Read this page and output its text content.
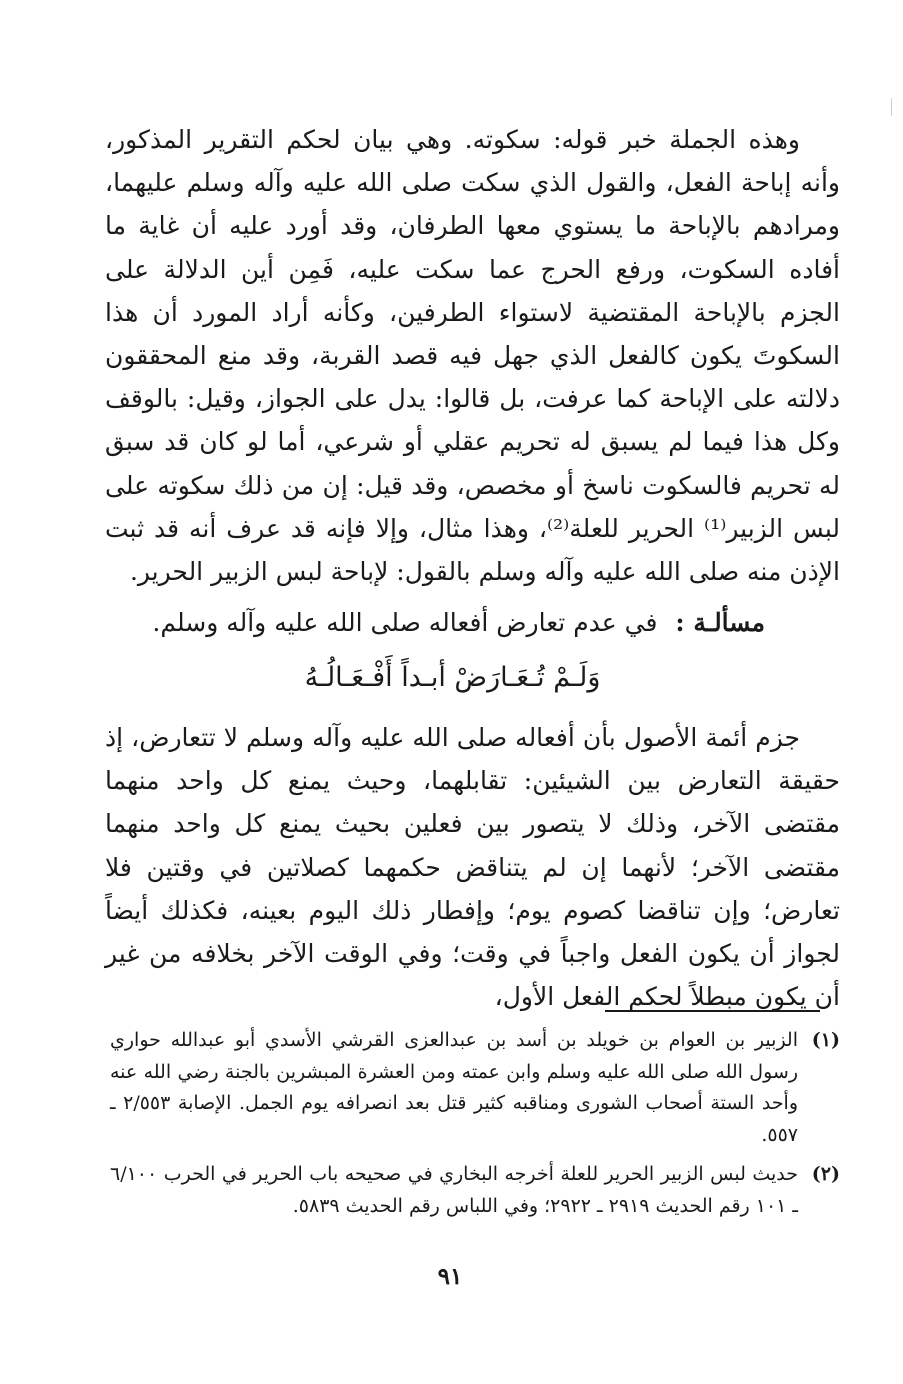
وهذه الجملة خبر قوله: سكوته. وهي بيان لحكم التقرير المذكور، وأنه إباحة الفعل، والقول الذي سكت صلى الله عليه وآله وسلم عليهما، ومرادهم بالإباحة ما يستوي معها الطرفان، وقد أورد عليه أن غاية ما أفاده السكوت، ورفع الحرج عما سكت عليه، فَمِن أين الدلالة على الجزم بالإباحة المقتضية لاستواء الطرفين، وكأنه أراد المورد أن هذا السكوتَ يكون كالفعل الذي جهل فيه قصد القربة، وقد منع المحققون دلالته على الإباحة كما عرفت، بل قالوا: يدل على الجواز، وقيل: بالوقف وكل هذا فيما لم يسبق له تحريم عقلي أو شرعي، أما لو كان قد سبق له تحريم فالسكوت ناسخ أو مخصص، وقد قيل: إن من ذلك سكوته على لبس الزبير⁽¹⁾ الحرير للعلة⁽²⁾، وهذا مثال، وإلا فإنه قد عرف أنه قد ثبت الإذن منه صلى الله عليه وآله وسلم بالقول: لإباحة لبس الزبير الحرير.

مسألـة : في عدم تعارض أفعاله صلى الله عليه وآله وسلم.
وَلَـمْ تُـعَـارَضْ أبـداً أَفْـعَـالُـهُ

جزم أئمة الأصول بأن أفعاله صلى الله عليه وآله وسلم لا تتعارض، إذ حقيقة التعارض بين الشيئين: تقابلهما، وحيث يمنع كل واحد منهما مقتضى الآخر، وذلك لا يتصور بين فعلين بحيث يمنع كل واحد منهما مقتضى الآخر؛ لأنهما إن لم يتناقض حكمهما كصلاتين في وقتين فلا تعارض؛ وإن تناقضا كصوم يوم؛ وإفطار ذلك اليوم بعينه، فكذلك أيضاً لجواز أن يكون الفعل واجباً في وقت؛ وفي الوقت الآخر بخلافه من غير أن يكون مبطلاً لحكم الفعل الأول،

(١)
الزبير بن العوام بن خويلد بن أسد بن عبدالعزى القرشي الأسدي أبو عبدالله حواري رسول الله صلى الله عليه وسلم وابن عمته ومن العشرة المبشرين بالجنة رضي الله عنه وأحد الستة أصحاب الشورى ومناقبه كثير قتل بعد انصرافه يوم الجمل. الإصابة ٢/٥٥٣ ـ ٥٥٧.
(٢)
حديث لبس الزبير الحرير للعلة أخرجه البخاري في صحيحه باب الحرير في الحرب ٦/١٠٠ ـ ١٠١ رقم الحديث ٢٩١٩ ـ ٢٩٢٢؛ وفي اللباس رقم الحديث ٥٨٣٩.
٩١
